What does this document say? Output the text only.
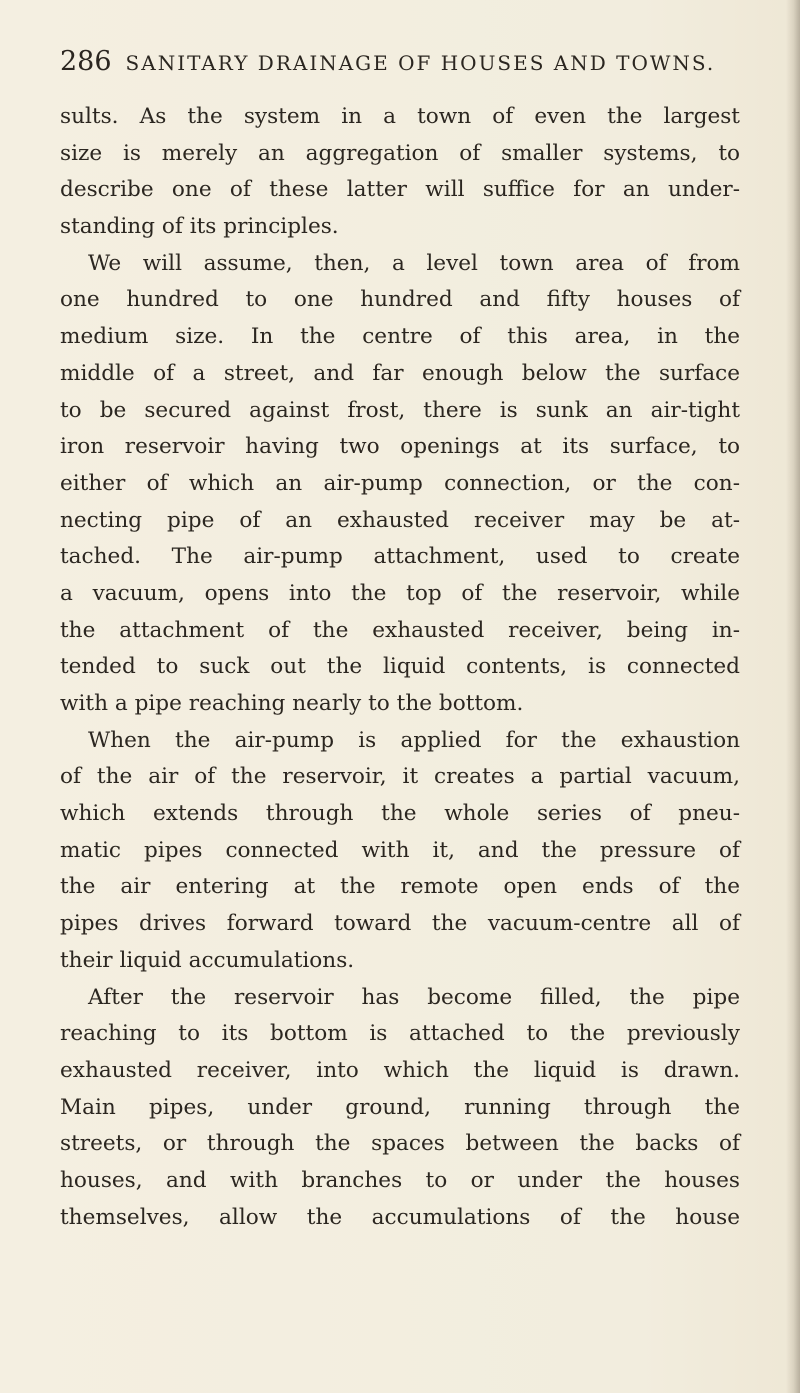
286 SANITARY DRAINAGE OF HOUSES AND TOWNS.
sults. As the system in a town of even the largest
size is merely an aggregation of smaller systems, to
describe one of these latter will suffice for an under-
standing of its principles.
We will assume, then, a level town area of from
one hundred to one hundred and fifty houses of
medium size. In the centre of this area, in the
middle of a street, and far enough below the surface
to be secured against frost, there is sunk an air-tight
iron reservoir having two openings at its surface, to
either of which an air-pump connection, or the con-
necting pipe of an exhausted receiver may be at-
tached. The air-pump attachment, used to create
a vacuum, opens into the top of the reservoir, while
the attachment of the exhausted receiver, being in-
tended to suck out the liquid contents, is connected
with a pipe reaching nearly to the bottom.
When the air-pump is applied for the exhaustion
of the air of the reservoir, it creates a partial vacuum,
which extends through the whole series of pneu-
matic pipes connected with it, and the pressure of
the air entering at the remote open ends of the
pipes drives forward toward the vacuum-centre all of
their liquid accumulations.
After the reservoir has become filled, the pipe
reaching to its bottom is attached to the previously
exhausted receiver, into which the liquid is drawn.
Main pipes, under ground, running through the
streets, or through the spaces between the backs of
houses, and with branches to or under the houses
themselves, allow the accumulations of the house
